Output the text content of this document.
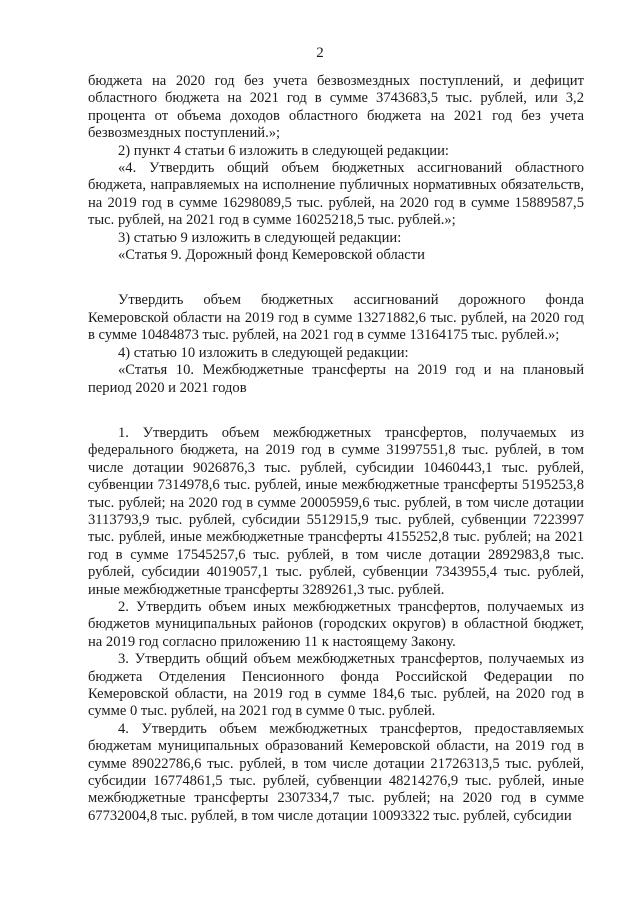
2

бюджета на 2020 год без учета безвозмездных поступлений, и дефицит областного бюджета на 2021 год в сумме 3743683,5 тыс. рублей, или 3,2 процента от объема доходов областного бюджета на 2021 год без учета безвозмездных поступлений.»;

2) пункт 4 статьи 6 изложить в следующей редакции:

«4. Утвердить общий объем бюджетных ассигнований областного бюджета, направляемых на исполнение публичных нормативных обязательств, на 2019 год в сумме 16298089,5 тыс. рублей, на 2020 год в сумме 15889587,5 тыс. рублей, на 2021 год в сумме 16025218,5 тыс. рублей.»;

3) статью 9 изложить в следующей редакции:

«Статья 9. Дорожный фонд Кемеровской области

Утвердить объем бюджетных ассигнований дорожного фонда Кемеровской области на 2019 год в сумме 13271882,6 тыс. рублей, на 2020 год в сумме 10484873 тыс. рублей, на 2021 год в сумме 13164175 тыс. рублей.»;

4) статью 10 изложить в следующей редакции:

«Статья 10. Межбюджетные трансферты на 2019 год и на плановый период 2020 и 2021 годов

1. Утвердить объем межбюджетных трансфертов, получаемых из федерального бюджета, на 2019 год в сумме 31997551,8 тыс. рублей, в том числе дотации 9026876,3 тыс. рублей, субсидии 10460443,1 тыс. рублей, субвенции 7314978,6 тыс. рублей, иные межбюджетные трансферты 5195253,8 тыс. рублей; на 2020 год в сумме 20005959,6 тыс. рублей, в том числе дотации 3113793,9 тыс. рублей, субсидии 5512915,9 тыс. рублей, субвенции 7223997 тыс. рублей, иные межбюджетные трансферты 4155252,8 тыс. рублей; на 2021 год в сумме 17545257,6 тыс. рублей, в том числе дотации 2892983,8 тыс. рублей, субсидии 4019057,1 тыс. рублей, субвенции 7343955,4 тыс. рублей, иные межбюджетные трансферты 3289261,3 тыс. рублей.

2. Утвердить объем иных межбюджетных трансфертов, получаемых из бюджетов муниципальных районов (городских округов) в областной бюджет, на 2019 год согласно приложению 11 к настоящему Закону.

3. Утвердить общий объем межбюджетных трансфертов, получаемых из бюджета Отделения Пенсионного фонда Российской Федерации по Кемеровской области, на 2019 год в сумме 184,6 тыс. рублей, на 2020 год в сумме 0 тыс. рублей, на 2021 год в сумме 0 тыс. рублей.

4. Утвердить объем межбюджетных трансфертов, предоставляемых бюджетам муниципальных образований Кемеровской области, на 2019 год в сумме 89022786,6 тыс. рублей, в том числе дотации 21726313,5 тыс. рублей, субсидии 16774861,5 тыс. рублей, субвенции 48214276,9 тыс. рублей, иные межбюджетные трансферты 2307334,7 тыс. рублей; на 2020 год в сумме 67732004,8 тыс. рублей, в том числе дотации 10093322 тыс. рублей, субсидии
